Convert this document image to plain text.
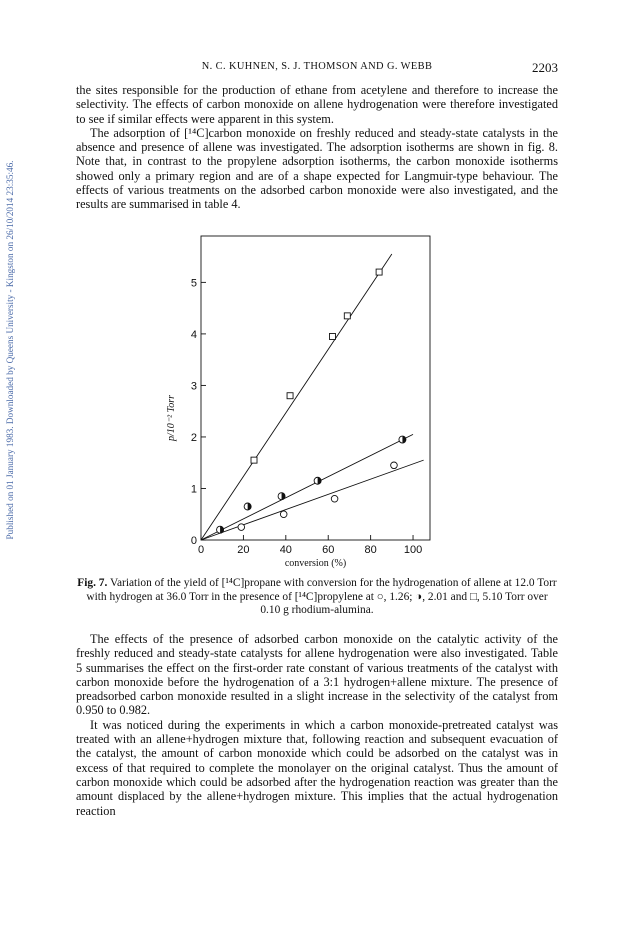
Published on 01 January 1983. Downloaded by Queens University - Kingston on 26/10/2014 23:35:46.
N. C. KUHNEN, S. J. THOMSON AND G. WEBB	2203

the sites responsible for the production of ethane from acetylene and therefore to increase the selectivity. The effects of carbon monoxide on allene hydrogenation were therefore investigated to see if similar effects were apparent in this system.

The adsorption of [¹⁴C]carbon monoxide on freshly reduced and steady-state catalysts in the absence and presence of allene was investigated. The adsorption isotherms are shown in fig. 8. Note that, in contrast to the propylene adsorption isotherms, the carbon monoxide isotherms showed only a primary region and are of a shape expected for Langmuir-type behaviour. The effects of various treatments on the adsorbed carbon monoxide were also investigated, and the results are summarised in table 4.

0	20	40	60	80 100
0
1
2
3
4
5
conversion (%)
p/10⁻² Torr
Fig. 7. Variation of the yield of [¹⁴C]propane with conversion for the hydrogenation of allene at 12.0 Torr with hydrogen at 36.0 Torr in the presence of [¹⁴C]propylene at ○, 1.26; ◑, 2.01 and □, 5.10 Torr over 0.10 g rhodium-alumina.

The effects of the presence of adsorbed carbon monoxide on the catalytic activity of the freshly reduced and steady-state catalysts for allene hydrogenation were also investigated. Table 5 summarises the effect on the first-order rate constant of various treatments of the catalyst with carbon monoxide before the hydrogenation of a 3:1 hydrogen+allene mixture. The presence of preadsorbed carbon monoxide resulted in a slight increase in the selectivity of the catalyst from 0.950 to 0.982.

It was noticed during the experiments in which a carbon monoxide-pretreated catalyst was treated with an allene+hydrogen mixture that, following reaction and subsequent evacuation of the catalyst, the amount of carbon monoxide which could be adsorbed on the catalyst was in excess of that required to complete the monolayer on the original catalyst. Thus the amount of carbon monoxide which could be adsorbed after the hydrogenation reaction was greater than the amount displaced by the allene+hydrogen mixture. This implies that the actual hydrogenation reaction
